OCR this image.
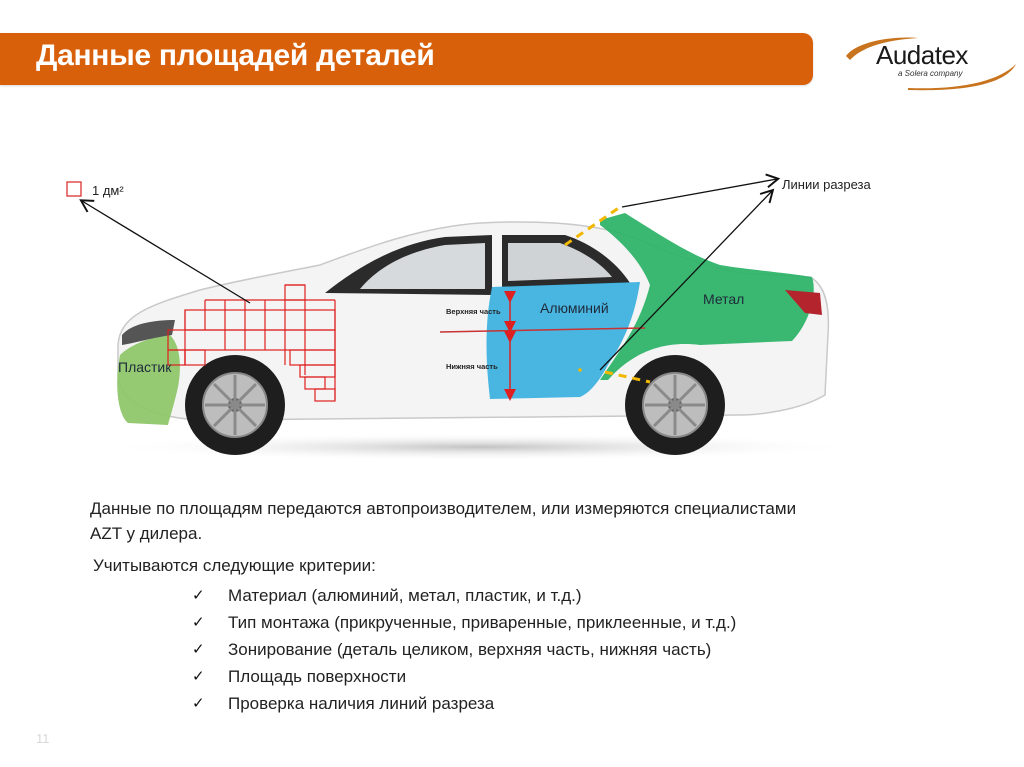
Данные площадей деталей	Audatex
a Solera company
1 дм²	Линии разреза
Пластик
Алюминий
Метал
Верхняя часть
Нижняя часть
Данные по площадям передаются автопроизводителем, или измеряются специалистами AZT у дилера.
Учитываются следующие критерии:
✓ Материал (алюминий, метал, пластик, и т.д.)
✓ Тип монтажа (прикрученные, приваренные, приклеенные, и т.д.)
✓ Зонирование (деталь целиком, верхняя часть, нижняя часть)
✓ Площадь поверхности
✓ Проверка наличия линий разреза
11
